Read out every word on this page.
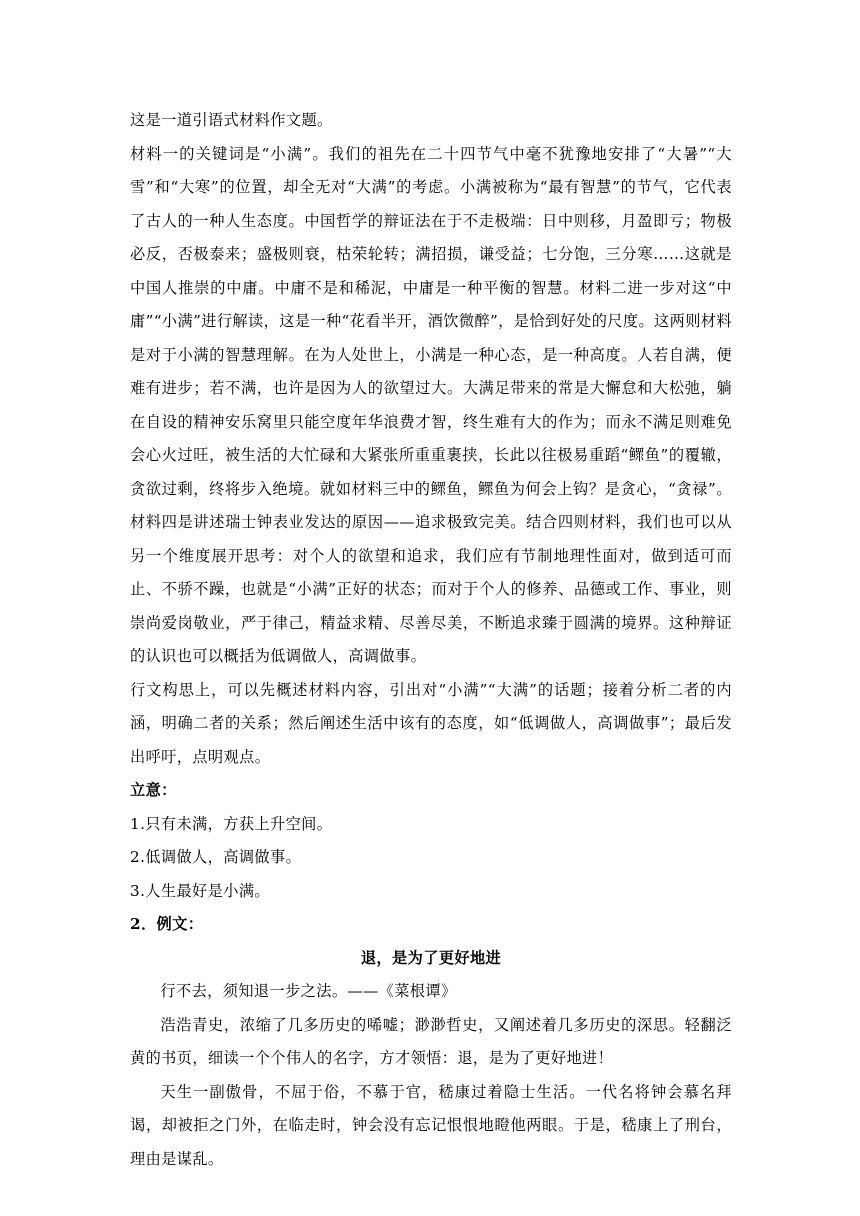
这是一道引语式材料作文题。

材料一的关键词是“小满”。我们的祖先在二十四节气中毫不犹豫地安排了“大暑”“大雪”和“大寒”的位置，却全无对“大满”的考虑。小满被称为“最有智慧”的节气，它代表了古人的一种人生态度。中国哲学的辩证法在于不走极端：日中则移，月盈即亏；物极必反，否极泰来；盛极则衰，枯荣轮转；满招损，谦受益；七分饱，三分寒……这就是中国人推崇的中庸。中庸不是和稀泥，中庸是一种平衡的智慧。材料二进一步对这“中庸”“小满”进行解读，这是一种“花看半开，酒饮微醉”，是恰到好处的尺度。这两则材料是对于小满的智慧理解。在为人处世上，小满是一种心态，是一种高度。人若自满，便难有进步；若不满，也许是因为人的欲望过大。大满足带来的常是大懈怠和大松弛，躺在自设的精神安乐窝里只能空度年华浪费才智，终生难有大的作为；而永不满足则难免会心火过旺，被生活的大忙碌和大紧张所重重裹挟，长此以往极易重蹈“鳏鱼”的覆辙，贪欲过剩，终将步入绝境。就如材料三中的鳏鱼，鳏鱼为何会上钩？是贪心，“贪禄”。材料四是讲述瑞士钟表业发达的原因——追求极致完美。结合四则材料，我们也可以从另一个维度展开思考：对个人的欲望和追求，我们应有节制地理性面对，做到适可而止、不骄不躁，也就是“小满”正好的状态；而对于个人的修养、品德或工作、事业，则崇尚爱岗敬业，严于律己，精益求精、尽善尽美，不断追求臻于圆满的境界。这种辩证的认识也可以概括为低调做人，高调做事。

行文构思上，可以先概述材料内容，引出对“小满”“大满”的话题；接着分析二者的内涵，明确二者的关系；然后阐述生活中该有的态度，如“低调做人，高调做事”；最后发出呼吁，点明观点。

立意：

1.只有未满，方获上升空间。

2.低调做人，高调做事。

3.人生最好是小满。

2．例文：

退，是为了更好地进

行不去，须知退一步之法。——《菜根谭》

浩浩青史，浓缩了几多历史的唏嘘；渺渺哲史，又阐述着几多历史的深思。轻翻泛黄的书页，细读一个个伟人的名字，方才领悟：退，是为了更好地进！

天生一副傲骨，不屈于俗，不慕于官，嵇康过着隐士生活。一代名将钟会慕名拜谒，却被拒之门外，在临走时，钟会没有忘记恨恨地瞪他两眼。于是，嵇康上了刑台，理由是谋乱。
